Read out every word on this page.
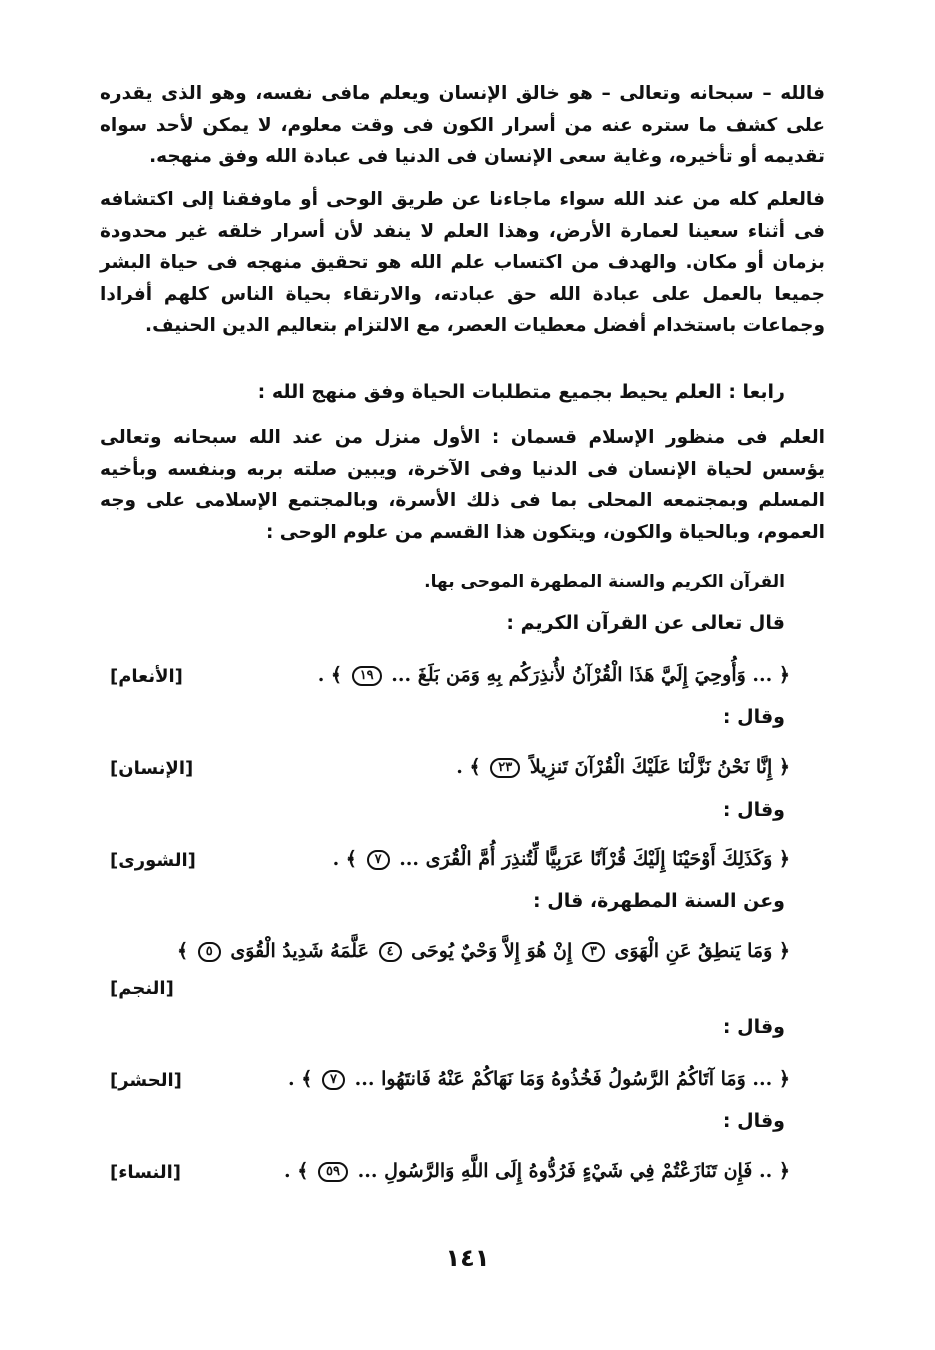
فالله – سبحانه وتعالى – هو خالق الإنسان ويعلم مافى نفسه، وهو الذى يقدره على كشف ما ستره عنه من أسرار الكون فى وقت معلوم، لا يمكن لأحد سواه تقديمه أو تأخيره، وغاية سعى الإنسان فى الدنيا فى عبادة الله وفق منهجه.

فالعلم كله من عند الله سواء ماجاءنا عن طريق الوحى أو ماوفقنا إلى اكتشافه فى أثناء سعينا لعمارة الأرض، وهذا العلم لا ينفد لأن أسرار خلقه غير محدودة بزمان أو مكان. والهدف من اكتساب علم الله هو تحقيق منهجه فى حياة البشر جميعا بالعمل على عبادة الله حق عبادته، والارتقاء بحياة الناس كلهم أفرادا وجماعات باستخدام أفضل معطيات العصر، مع الالتزام بتعاليم الدين الحنيف.

رابعا : العلم يحيط بجميع متطلبات الحياة وفق منهج الله :

العلم فى منظور الإسلام قسمان : الأول منزل من عند الله سبحانه وتعالى يؤسس لحياة الإنسان فى الدنيا وفى الآخرة، ويبين صلته بربه وبنفسه وبأخيه المسلم وبمجتمعه المحلى بما فى ذلك الأسرة، وبالمجتمع الإسلامى على وجه العموم، وبالحياة والكون، ويتكون هذا القسم من علوم الوحى :

القرآن الكريم والسنة المطهرة الموحى بها.
قال تعالى عن القرآن الكريم :
﴿ ... وَأُوحِيَ إِلَيَّ هَذَا الْقُرْآنُ لأُنذِرَكُم بِهِ وَمَن بَلَغَ ... ١٩ ﴾ .
[الأنعام]
وقال :
﴿ إِنَّا نَحْنُ نَزَّلْنَا عَلَيْكَ الْقُرْآنَ تَنزِيلاً ٢٣ ﴾ .
[الإنسان]
وقال :
﴿ وَكَذَلِكَ أَوْحَيْنَا إِلَيْكَ قُرْآنًا عَرَبِيًّا لِّتُنذِرَ أُمَّ الْقُرَى ... ٧ ﴾ .
[الشورى]
وعن السنة المطهرة، قال :
﴿ وَمَا يَنطِقُ عَنِ الْهَوَى ٣ إِنْ هُوَ إِلاَّ وَحْيٌ يُوحَى ٤ عَلَّمَهُ شَدِيدُ الْقُوَى ٥ ﴾
[النجم]
وقال :
﴿ ... وَمَا آتَاكُمُ الرَّسُولُ فَخُذُوهُ وَمَا نَهَاكُمْ عَنْهُ فَانتَهُوا ... ٧ ﴾ .
[الحشر]
وقال :
﴿ .. فَإِن تَنَازَعْتُمْ فِي شَيْءٍ فَرُدُّوهُ إِلَى اللَّهِ وَالرَّسُولِ ... ٥٩ ﴾ .
[النساء]
١٤١
